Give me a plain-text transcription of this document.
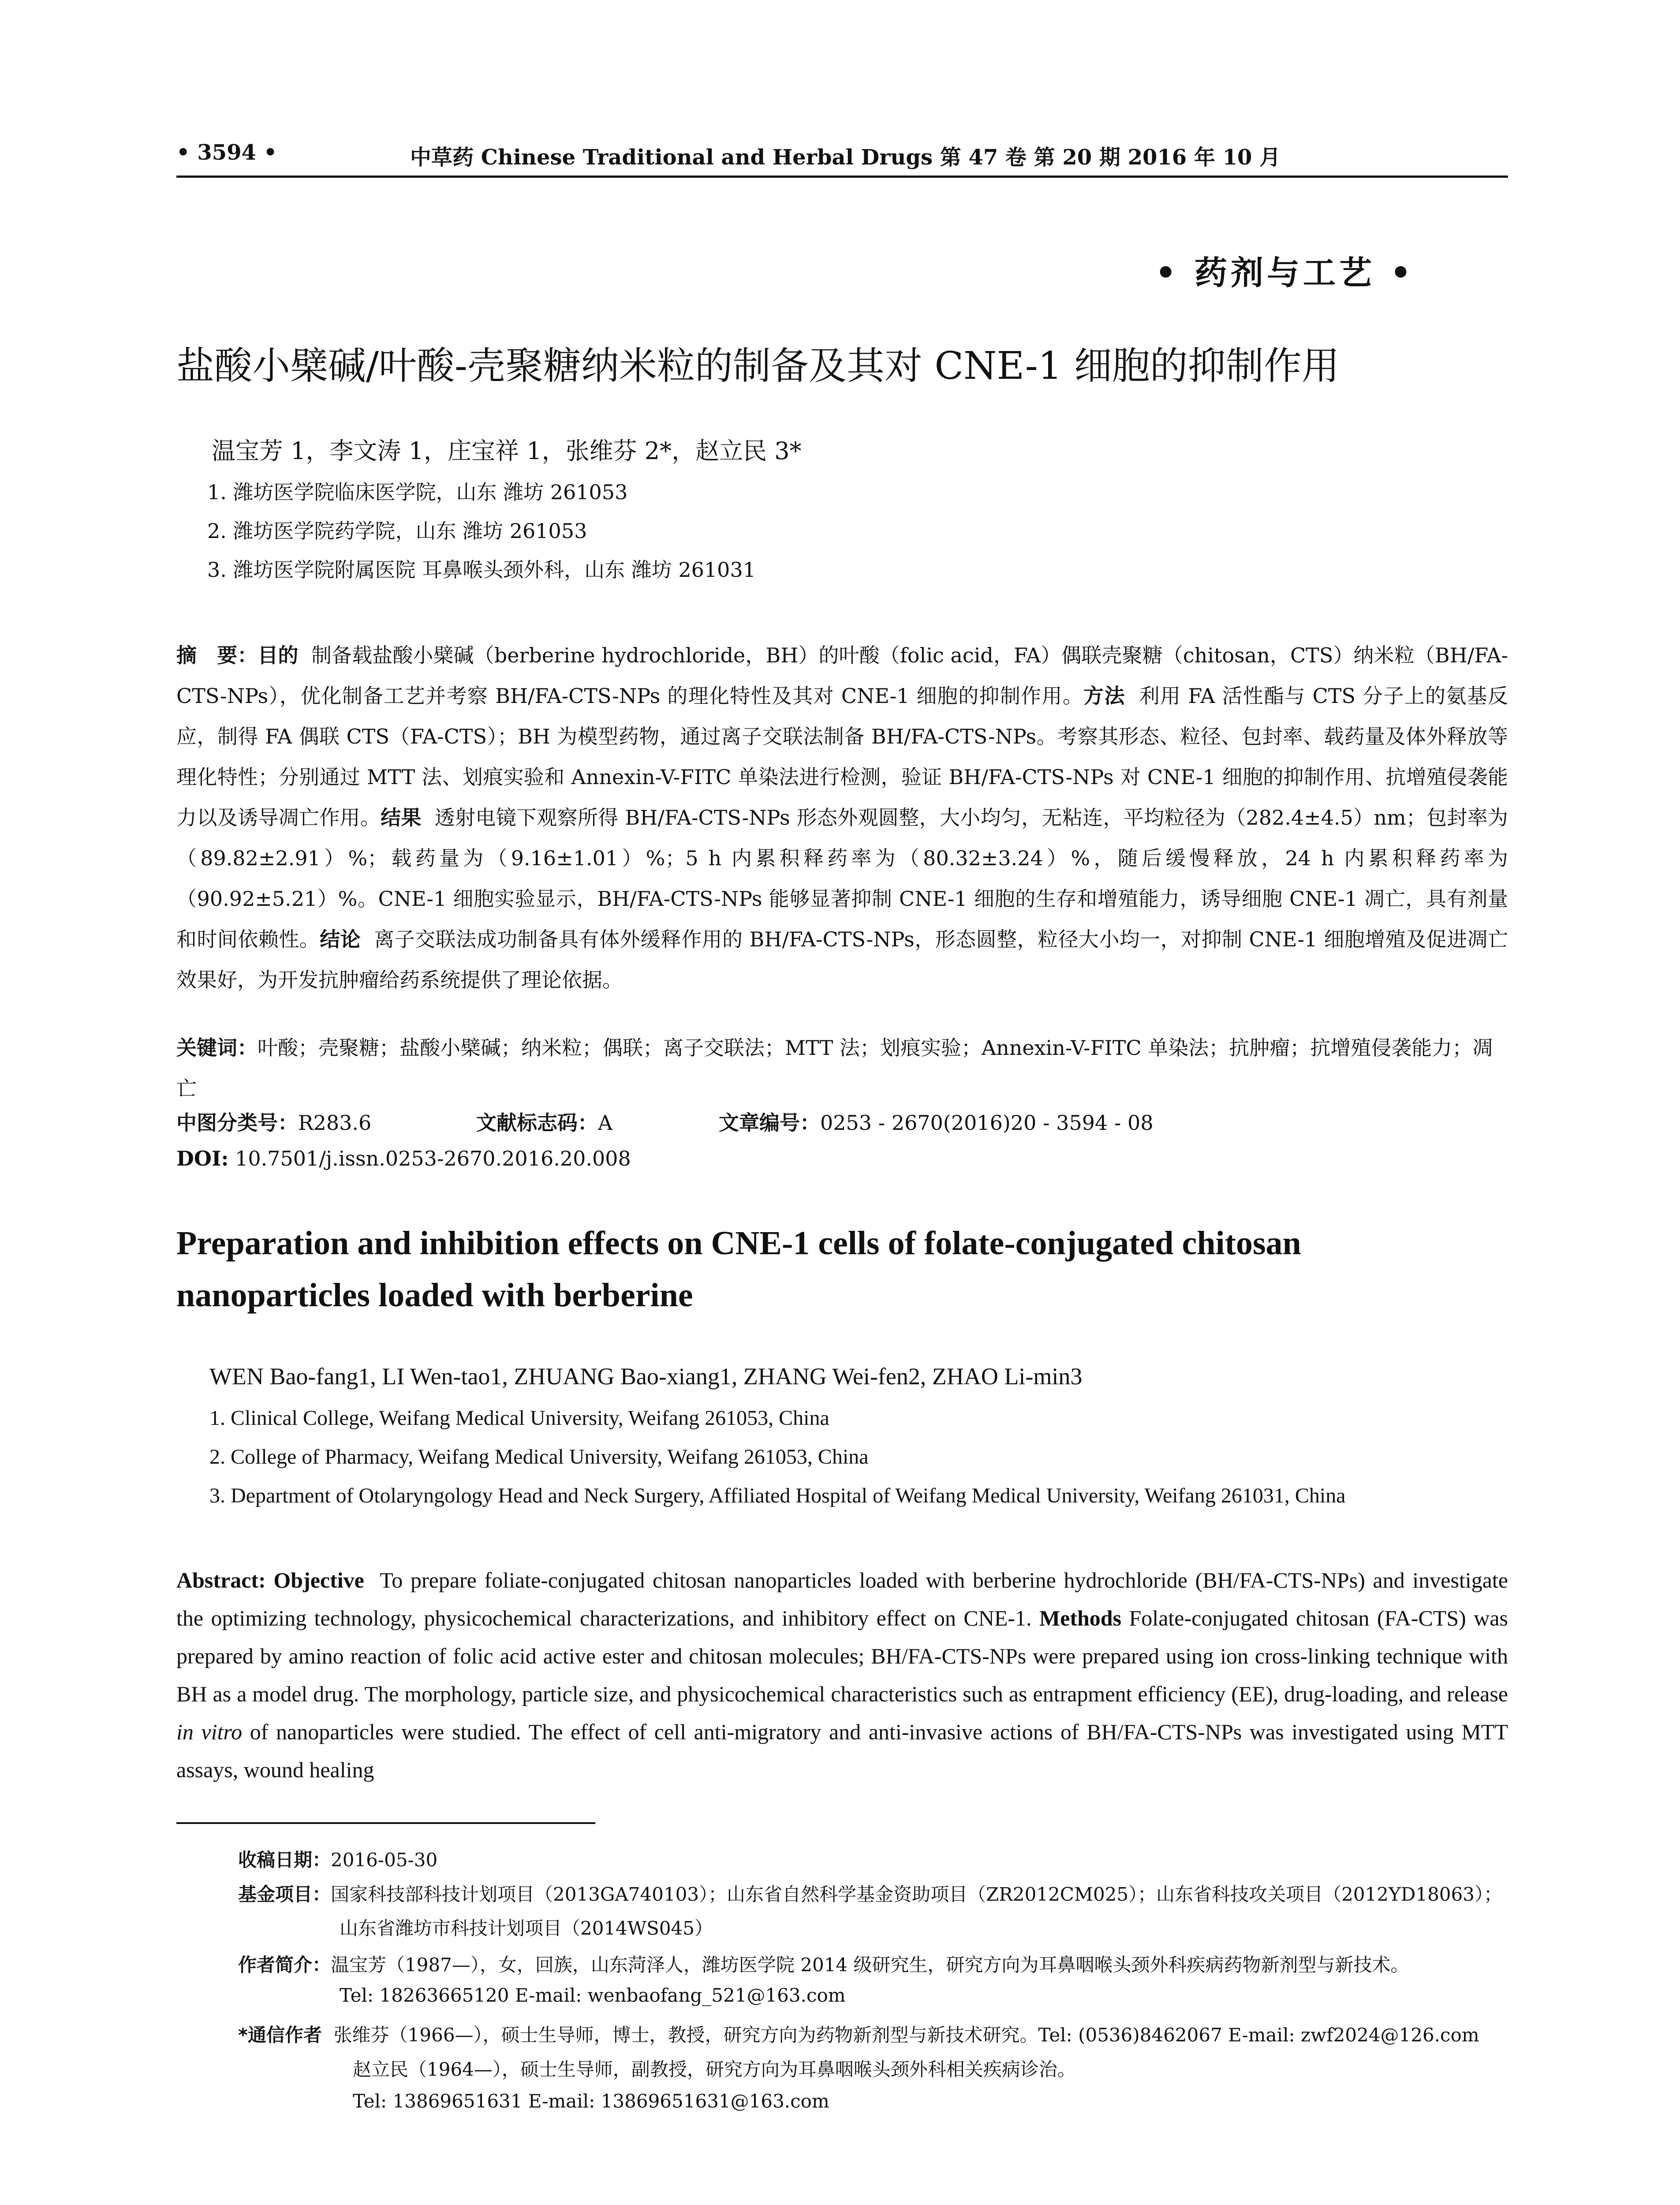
• 3594 •	中草药 Chinese Traditional and Herbal Drugs 第 47 卷 第 20 期 2016 年 10 月
• 药剂与工艺 •
盐酸小檗碱/叶酸-壳聚糖纳米粒的制备及其对 CNE-1 细胞的抑制作用
温宝芳 1，李文涛 1，庄宝祥 1，张维芬 2*，赵立民 3*
1. 潍坊医学院临床医学院，山东 潍坊 261053
2. 潍坊医学院药学院，山东 潍坊 261053
3. 潍坊医学院附属医院 耳鼻喉头颈外科，山东 潍坊 261031
摘　要：目的 制备载盐酸小檗碱（berberine hydrochloride，BH）的叶酸（folic acid，FA）偶联壳聚糖（chitosan，CTS）纳米粒（BH/FA-CTS-NPs），优化制备工艺并考察 BH/FA-CTS-NPs 的理化特性及其对 CNE-1 细胞的抑制作用。方法 利用 FA 活性酯与 CTS 分子上的氨基反应，制得 FA 偶联 CTS（FA-CTS）；BH 为模型药物，通过离子交联法制备 BH/FA-CTS-NPs。考察其形态、粒径、包封率、载药量及体外释放等理化特性；分别通过 MTT 法、划痕实验和 Annexin-V-FITC 单染法进行检测，验证 BH/FA-CTS-NPs 对 CNE-1 细胞的抑制作用、抗增殖侵袭能力以及诱导凋亡作用。结果 透射电镜下观察所得 BH/FA-CTS-NPs 形态外观圆整，大小均匀，无粘连，平均粒径为（282.4±4.5）nm；包封率为（89.82±2.91）%；载药量为（9.16±1.01）%；5 h 内累积释药率为（80.32±3.24）%，随后缓慢释放，24 h 内累积释药率为（90.92±5.21）%。CNE-1 细胞实验显示，BH/FA-CTS-NPs 能够显著抑制 CNE-1 细胞的生存和增殖能力，诱导细胞 CNE-1 凋亡，具有剂量和时间依赖性。结论 离子交联法成功制备具有体外缓释作用的 BH/FA-CTS-NPs，形态圆整，粒径大小均一，对抑制 CNE-1 细胞增殖及促进凋亡效果好，为开发抗肿瘤给药系统提供了理论依据。
关键词：叶酸；壳聚糖；盐酸小檗碱；纳米粒；偶联；离子交联法；MTT 法；划痕实验；Annexin-V-FITC 单染法；抗肿瘤；抗增殖侵袭能力；凋亡
中图分类号：R283.6	文献标志码：A	文章编号：0253 - 2670(2016)20 - 3594 - 08
DOI: 10.7501/j.issn.0253-2670.2016.20.008
Preparation and inhibition effects on CNE-1 cells of folate-conjugated chitosan nanoparticles loaded with berberine
WEN Bao-fang1, LI Wen-tao1, ZHUANG Bao-xiang1, ZHANG Wei-fen2, ZHAO Li-min3
1. Clinical College, Weifang Medical University, Weifang 261053, China
2. College of Pharmacy, Weifang Medical University, Weifang 261053, China
3. Department of Otolaryngology Head and Neck Surgery, Affiliated Hospital of Weifang Medical University, Weifang 261031, China
Abstract: Objective To prepare foliate-conjugated chitosan nanoparticles loaded with berberine hydrochloride (BH/FA-CTS-NPs) and investigate the optimizing technology, physicochemical characterizations, and inhibitory effect on CNE-1. Methods Folate-conjugated chitosan (FA-CTS) was prepared by amino reaction of folic acid active ester and chitosan molecules; BH/FA-CTS-NPs were prepared using ion cross-linking technique with BH as a model drug. The morphology, particle size, and physicochemical characteristics such as entrapment efficiency (EE), drug-loading, and release in vitro of nanoparticles were studied. The effect of cell anti-migratory and anti-invasive actions of BH/FA-CTS-NPs was investigated using MTT assays, wound healing
收稿日期：2016-05-30
基金项目：国家科技部科技计划项目（2013GA740103）；山东省自然科学基金资助项目（ZR2012CM025）；山东省科技攻关项目（2012YD18063）；
山东省潍坊市科技计划项目（2014WS045）
作者简介：温宝芳（1987—），女，回族，山东菏泽人，潍坊医学院 2014 级研究生，研究方向为耳鼻咽喉头颈外科疾病药物新剂型与新技术。
Tel: 18263665120 E-mail: wenbaofang_521@163.com
*通信作者 张维芬（1966—），硕士生导师，博士，教授，研究方向为药物新剂型与新技术研究。Tel: (0536)8462067 E-mail: zwf2024@126.com
赵立民（1964—），硕士生导师，副教授，研究方向为耳鼻咽喉头颈外科相关疾病诊治。
Tel: 13869651631 E-mail: 13869651631@163.com
